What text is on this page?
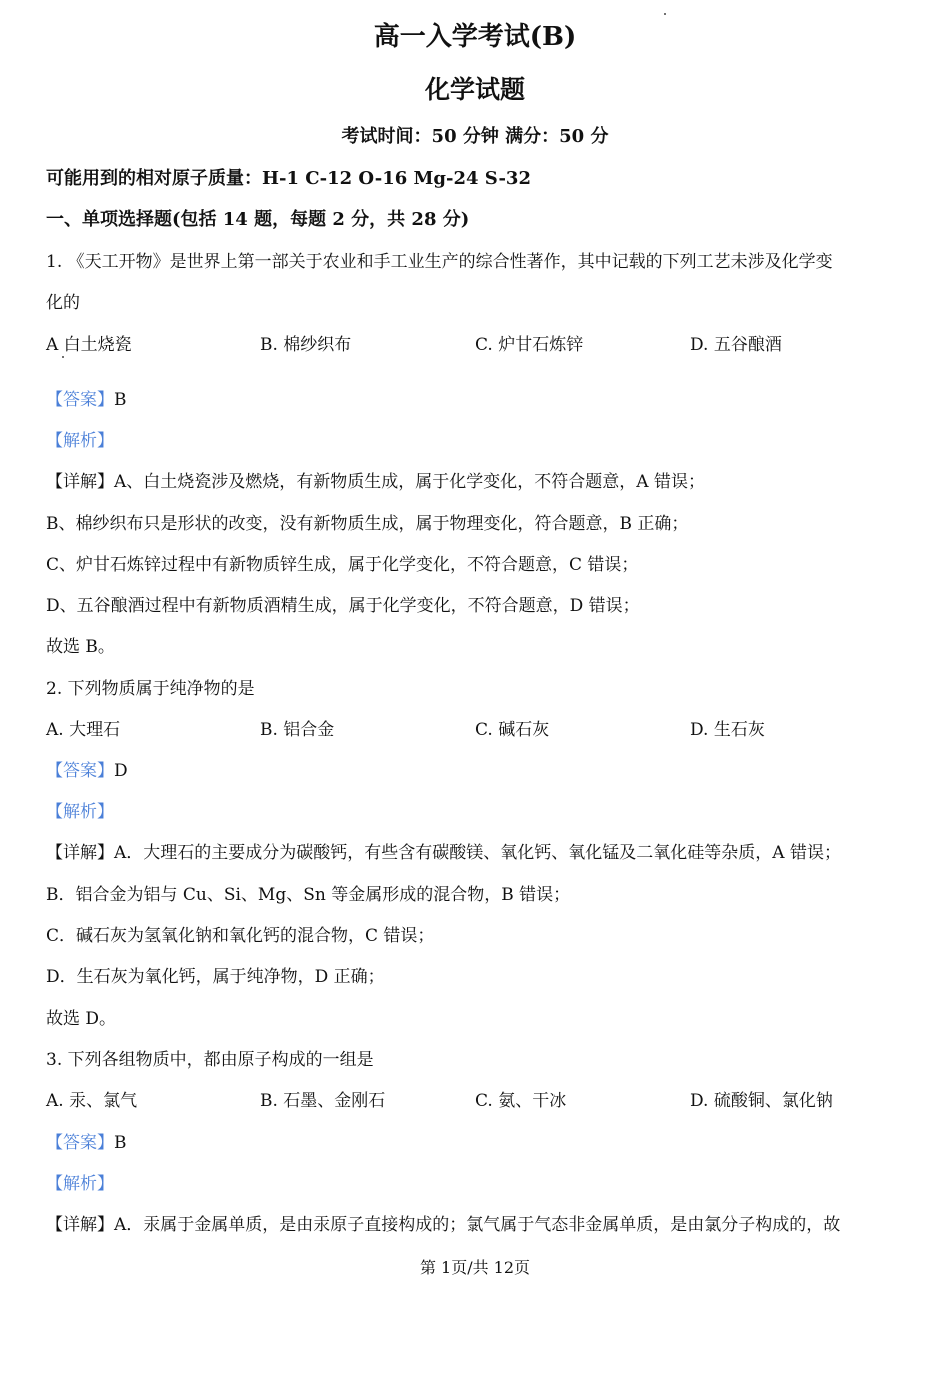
高一入学考试(B)
化学试题
考试时间：50 分钟 满分：50 分
可能用到的相对原子质量：H-1 C-12 O-16 Mg-24 S-32
一、单项选择题(包括 14 题，每题 2 分，共 28 分)
1. 《天工开物》是世界上第一部关于农业和手工业生产的综合性著作，其中记载的下列工艺未涉及化学变
化的
A 白土烧瓷	B. 棉纱织布	C. 炉甘石炼锌	D. 五谷酿酒
【答案】B
【解析】
【详解】A、白土烧瓷涉及燃烧，有新物质生成，属于化学变化，不符合题意，A 错误；
B、棉纱织布只是形状的改变，没有新物质生成，属于物理变化，符合题意，B 正确；
C、炉甘石炼锌过程中有新物质锌生成，属于化学变化，不符合题意，C 错误；
D、五谷酿酒过程中有新物质酒精生成，属于化学变化，不符合题意，D 错误；
故选 B。
2. 下列物质属于纯净物的是
A. 大理石	B. 铝合金	C. 碱石灰	D. 生石灰
【答案】D
【解析】
【详解】A．大理石的主要成分为碳酸钙，有些含有碳酸镁、氧化钙、氧化锰及二氧化硅等杂质，A 错误；
B．铝合金为铝与 Cu、Si、Mg、Sn 等金属形成的混合物，B 错误；
C．碱石灰为氢氧化钠和氧化钙的混合物，C 错误；
D．生石灰为氧化钙，属于纯净物，D 正确；
故选 D。
3. 下列各组物质中，都由原子构成的一组是
A. 汞、氯气	B. 石墨、金刚石	C. 氨、干冰	D. 硫酸铜、氯化钠
【答案】B
【解析】
【详解】A．汞属于金属单质，是由汞原子直接构成的；氯气属于气态非金属单质，是由氯分子构成的，故
第 1页/共 12页
